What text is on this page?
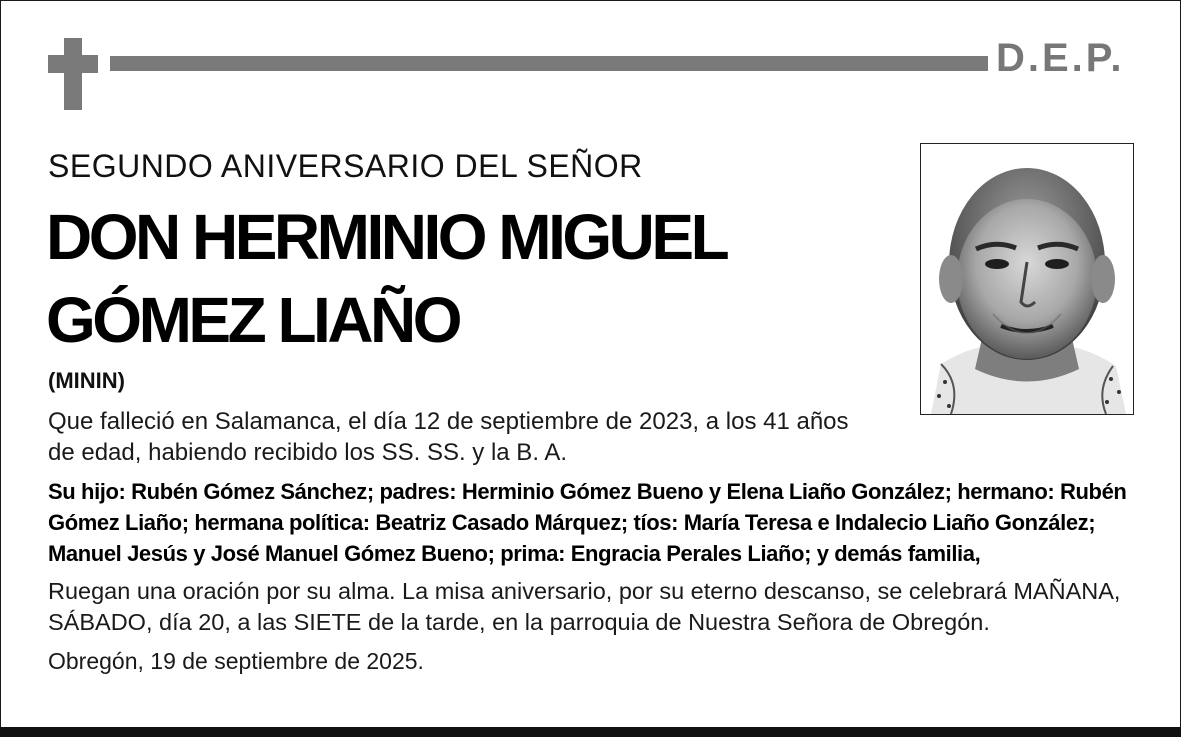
D.E.P.
SEGUNDO ANIVERSARIO DEL SEÑOR
DON HERMINIO MIGUEL
GÓMEZ LIAÑO
(MININ)

Que falleció en Salamanca, el día 12 de septiembre de 2023, a los 41 años de edad, habiendo recibido los SS. SS. y la B. A.

Su hijo: Rubén Gómez Sánchez; padres: Herminio Gómez Bueno y Elena Liaño González; hermano: Rubén Gómez Liaño; hermana política: Beatriz Casado Márquez; tíos: María Teresa e Indalecio Liaño González; Manuel Jesús y José Manuel Gómez Bueno; prima: Engracia Perales Liaño; y demás familia,

Ruegan una oración por su alma. La misa aniversario, por su eterno descanso, se celebrará MAÑANA, SÁBADO, día 20, a las SIETE de la tarde, en la parroquia de Nuestra Señora de Obregón.

Obregón, 19 de septiembre de 2025.
